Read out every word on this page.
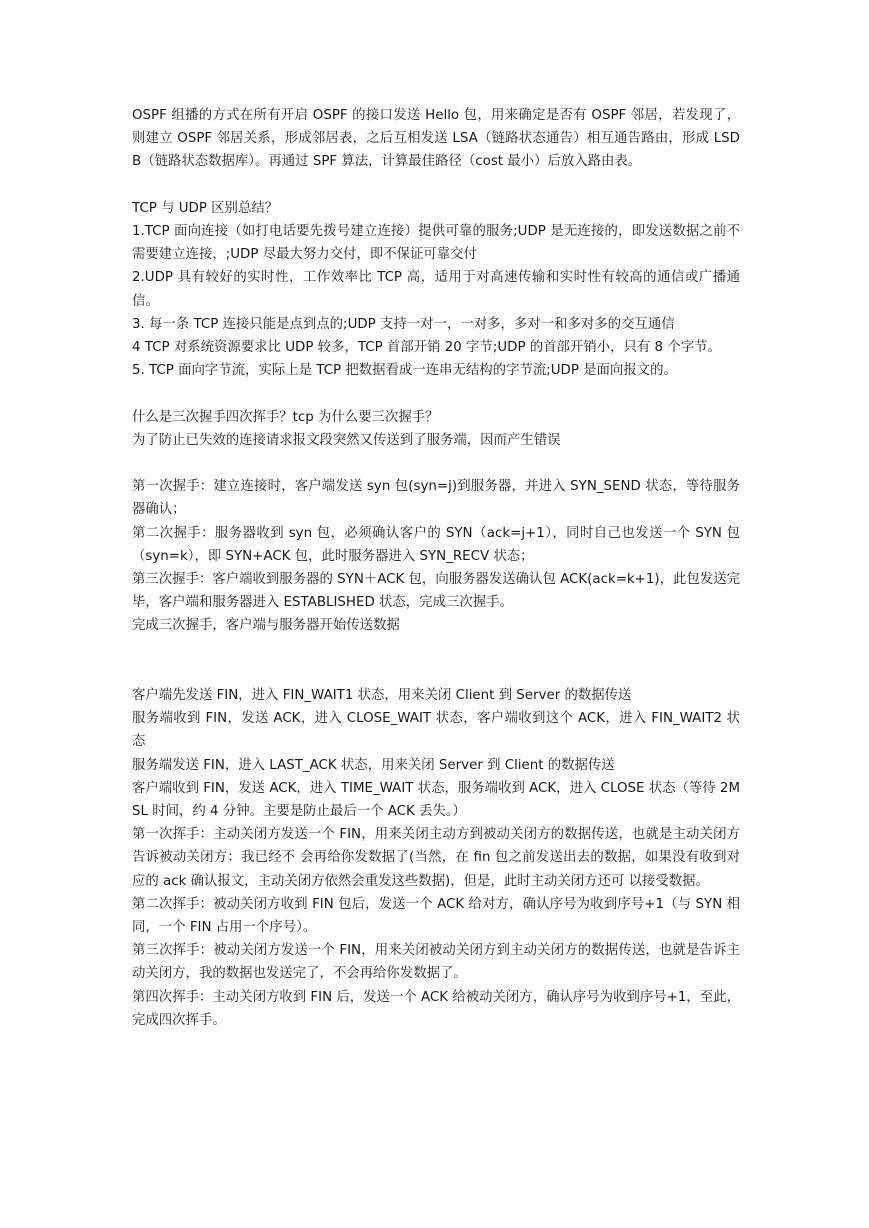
OSPF 组播的方式在所有开启 OSPF 的接口发送 Hello 包，用来确定是否有 OSPF 邻居，若发现了，则建立 OSPF 邻居关系，形成邻居表，之后互相发送 LSA（链路状态通告）相互通告路由，形成 LSDB（链路状态数据库）。再通过 SPF 算法，计算最佳路径（cost 最小）后放入路由表。

TCP 与 UDP 区别总结？

1.TCP 面向连接（如打电话要先拨号建立连接）提供可靠的服务;UDP 是无连接的，即发送数据之前不需要建立连接，;UDP 尽最大努力交付，即不保证可靠交付

2.UDP 具有较好的实时性，工作效率比 TCP 高，适用于对高速传输和实时性有较高的通信或广播通信。

3. 每一条 TCP 连接只能是点到点的;UDP 支持一对一，一对多，多对一和多对多的交互通信

4 TCP 对系统资源要求比 UDP 较多，TCP 首部开销 20 字节;UDP 的首部开销小，只有 8 个字节。

5. TCP 面向字节流，实际上是 TCP 把数据看成一连串无结构的字节流;UDP 是面向报文的。

什么是三次握手四次挥手？tcp 为什么要三次握手？

为了防止已失效的连接请求报文段突然又传送到了服务端，因而产生错误

第一次握手：建立连接时，客户端发送 syn 包(syn=j)到服务器，并进入 SYN_SEND 状态，等待服务器确认；

第二次握手：服务器收到 syn 包，必须确认客户的 SYN（ack=j+1），同时自己也发送一个 SYN 包（syn=k），即 SYN+ACK 包，此时服务器进入 SYN_RECV 状态；

第三次握手：客户端收到服务器的 SYN＋ACK 包，向服务器发送确认包 ACK(ack=k+1)，此包发送完毕，客户端和服务器进入 ESTABLISHED 状态，完成三次握手。

完成三次握手，客户端与服务器开始传送数据

客户端先发送 FIN，进入 FIN_WAIT1 状态，用来关闭 Client 到 Server 的数据传送

服务端收到 FIN，发送 ACK，进入 CLOSE_WAIT 状态，客户端收到这个 ACK，进入 FIN_WAIT2 状态

服务端发送 FIN，进入 LAST_ACK 状态，用来关闭 Server 到 Client 的数据传送

客户端收到 FIN，发送 ACK，进入 TIME_WAIT 状态，服务端收到 ACK，进入 CLOSE 状态（等待 2MSL 时间，约 4 分钟。主要是防止最后一个 ACK 丢失。）

第一次挥手：主动关闭方发送一个 FIN，用来关闭主动方到被动关闭方的数据传送，也就是主动关闭方告诉被动关闭方：我已经不 会再给你发数据了(当然，在 fin 包之前发送出去的数据，如果没有收到对应的 ack 确认报文，主动关闭方依然会重发这些数据)，但是，此时主动关闭方还可 以接受数据。

第二次挥手：被动关闭方收到 FIN 包后，发送一个 ACK 给对方，确认序号为收到序号+1（与 SYN 相同，一个 FIN 占用一个序号）。

第三次挥手：被动关闭方发送一个 FIN，用来关闭被动关闭方到主动关闭方的数据传送，也就是告诉主动关闭方，我的数据也发送完了，不会再给你发数据了。

第四次挥手：主动关闭方收到 FIN 后，发送一个 ACK 给被动关闭方，确认序号为收到序号+1，至此，完成四次挥手。
